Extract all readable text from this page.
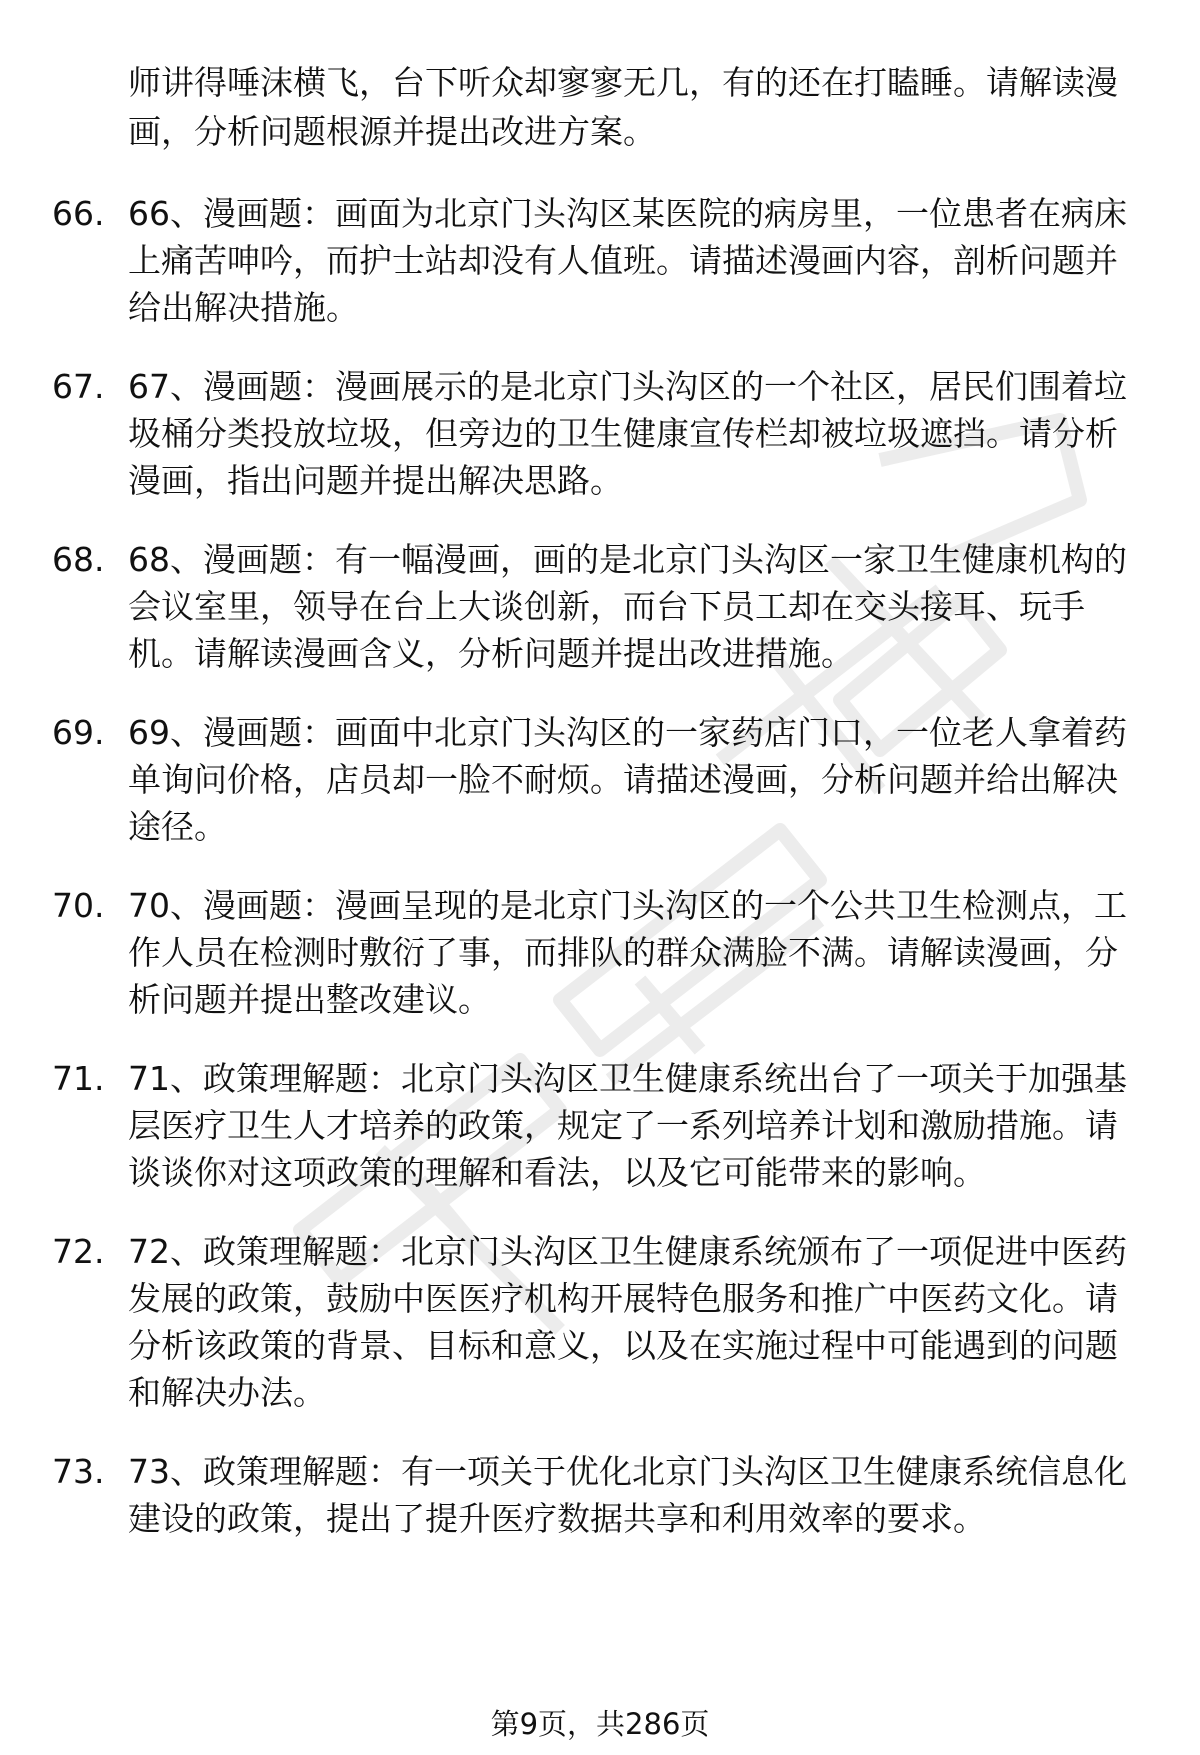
师讲得唾沫横飞，台下听众却寥寥无几，有的还在打瞌睡。请解读漫画，分析问题根源并提出改进方案。
66. 66、漫画题：画面为北京门头沟区某医院的病房里，一位患者在病床上痛苦呻吟，而护士站却没有人值班。请描述漫画内容，剖析问题并给出解决措施。
67. 67、漫画题：漫画展示的是北京门头沟区的一个社区，居民们围着垃圾桶分类投放垃圾，但旁边的卫生健康宣传栏却被垃圾遮挡。请分析漫画，指出问题并提出解决思路。
68. 68、漫画题：有一幅漫画，画的是北京门头沟区一家卫生健康机构的会议室里，领导在台上大谈创新，而台下员工却在交头接耳、玩手机。请解读漫画含义，分析问题并提出改进措施。
69. 69、漫画题：画面中北京门头沟区的一家药店门口，一位老人拿着药单询问价格，店员却一脸不耐烦。请描述漫画，分析问题并给出解决途径。
70. 70、漫画题：漫画呈现的是北京门头沟区的一个公共卫生检测点，工作人员在检测时敷衍了事，而排队的群众满脸不满。请解读漫画，分析问题并提出整改建议。
71. 71、政策理解题：北京门头沟区卫生健康系统出台了一项关于加强基层医疗卫生人才培养的政策，规定了一系列培养计划和激励措施。请谈谈你对这项政策的理解和看法，以及它可能带来的影响。
72. 72、政策理解题：北京门头沟区卫生健康系统颁布了一项促进中医药发展的政策，鼓励中医医疗机构开展特色服务和推广中医药文化。请分析该政策的背景、目标和意义，以及在实施过程中可能遇到的问题和解决办法。
73. 73、政策理解题：有一项关于优化北京门头沟区卫生健康系统信息化建设的政策，提出了提升医疗数据共享和利用效率的要求。
第9页，共286页
